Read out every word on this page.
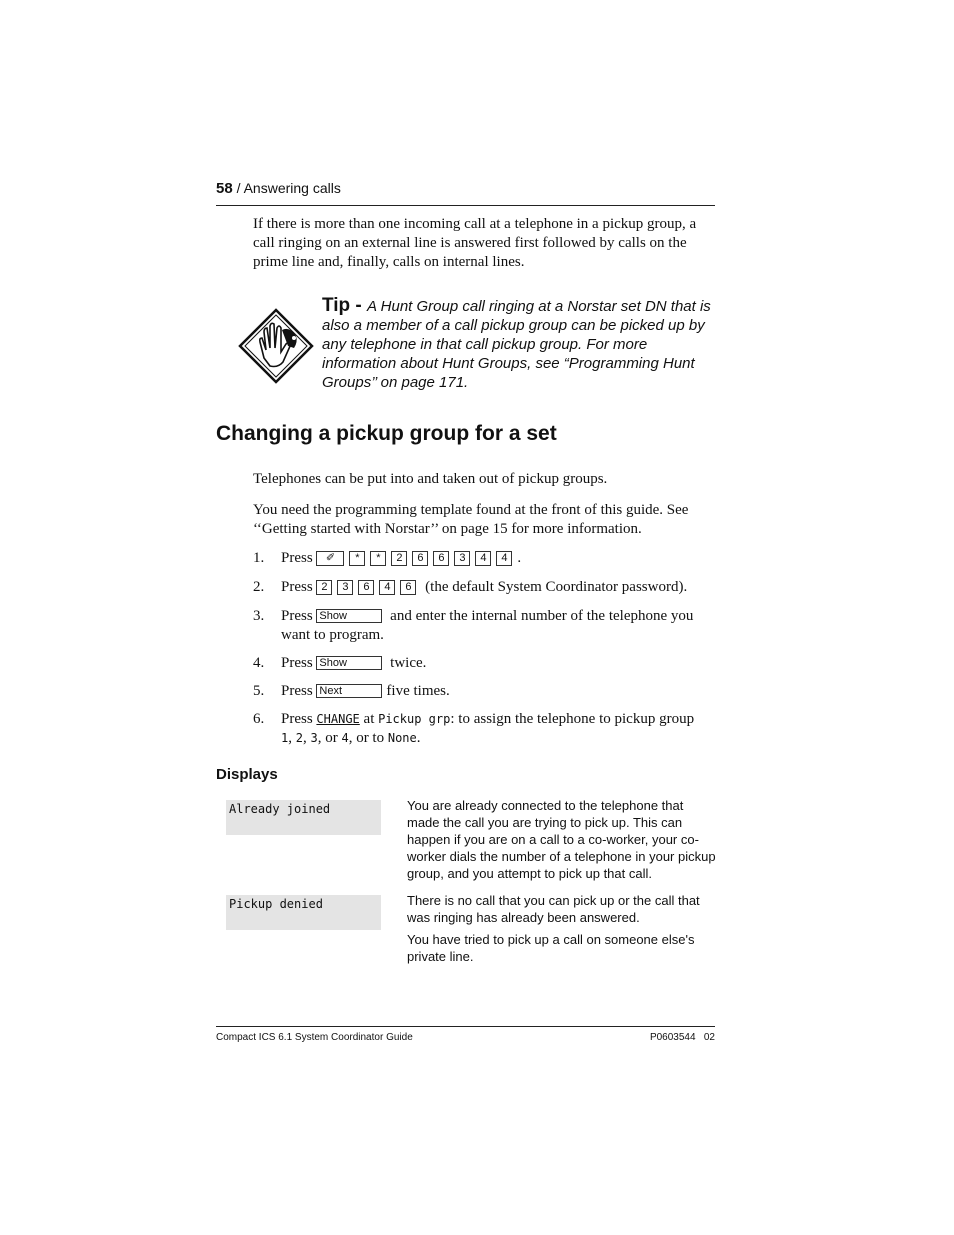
58 / Answering calls
If there is more than one incoming call at a telephone in a pickup group, a call ringing on an external line is answered first followed by calls on the prime line and, finally, calls on internal lines.
Tip - A Hunt Group call ringing at a Norstar set DN that is also a member of a call pickup group can be picked up by any telephone in that call pickup group. For more information about Hunt Groups, see “Programming Hunt Groups’’ on page 171.
Changing a pickup group for a set
Telephones can be put into and taken out of pickup groups.
You need the programming template found at the front of this guide. See ‘‘Getting started with Norstar’’ on page 15 for more information.
1. Press ✐ * * 2 6 6 3 4 4 .
2. Press 2 3 6 4 6 (the default System Coordinator password).
3. Press Show	and enter the internal number of the telephone you want to program.
4. Press Show	twice.
5. Press Next	five times.
6. Press CHANGE at Pickup grp: to assign the telephone to pickup group
1, 2, 3, or 4, or to None.
Displays
Already joined	You are already connected to the telephone that made the call you are trying to pick up. This can happen if you are on a call to a co-worker, your co-worker dials the number of a telephone in your pickup group, and you attempt to pick up that call.
Pickup denied	There is no call that you can pick up or the call that was ringing has already been answered.
You have tried to pick up a call on someone else's private line.
Compact ICS 6.1 System Coordinator Guide	P0603544   02
